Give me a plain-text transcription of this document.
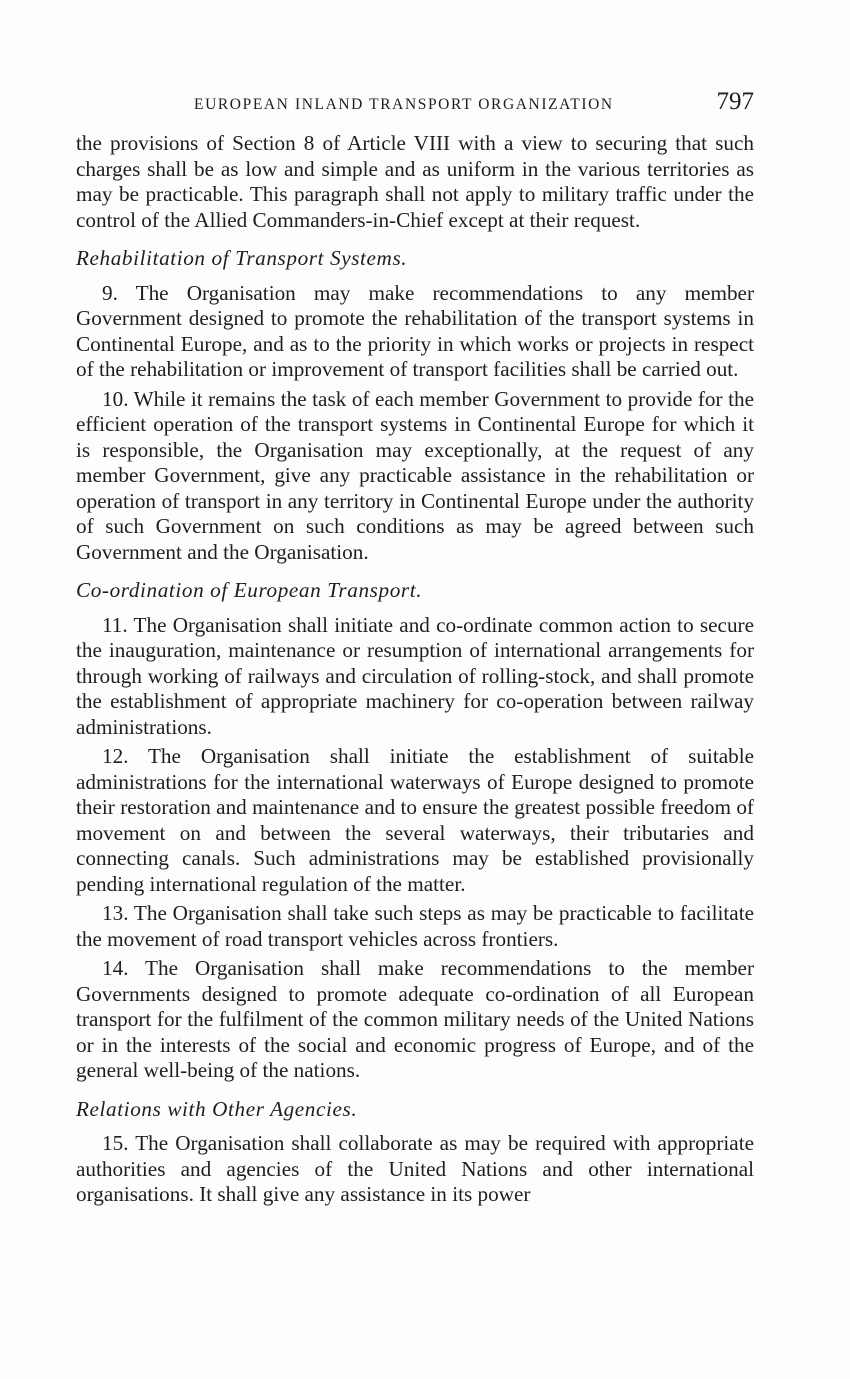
EUROPEAN INLAND TRANSPORT ORGANIZATION	797

the provisions of Section 8 of Article VIII with a view to securing that such charges shall be as low and simple and as uniform in the various territories as may be practicable. This paragraph shall not apply to military traffic under the control of the Allied Commanders-in-Chief except at their request.

Rehabilitation of Transport Systems.

9. The Organisation may make recommendations to any member Government designed to promote the rehabilitation of the transport systems in Continental Europe, and as to the priority in which works or projects in respect of the rehabilitation or improvement of transport facilities shall be carried out.

10. While it remains the task of each member Government to provide for the efficient operation of the transport systems in Continental Europe for which it is responsible, the Organisation may exceptionally, at the request of any member Government, give any practicable assistance in the rehabilitation or operation of transport in any territory in Continental Europe under the authority of such Government on such conditions as may be agreed between such Government and the Organisation.

Co-ordination of European Transport.

11. The Organisation shall initiate and co-ordinate common action to secure the inauguration, maintenance or resumption of international arrangements for through working of railways and circulation of rolling-stock, and shall promote the establishment of appropriate machinery for co-operation between railway administrations.

12. The Organisation shall initiate the establishment of suitable administrations for the international waterways of Europe designed to promote their restoration and maintenance and to ensure the greatest possible freedom of movement on and between the several waterways, their tributaries and connecting canals. Such administrations may be established provisionally pending international regulation of the matter.

13. The Organisation shall take such steps as may be practicable to facilitate the movement of road transport vehicles across frontiers.

14. The Organisation shall make recommendations to the member Governments designed to promote adequate co-ordination of all European transport for the fulfilment of the common military needs of the United Nations or in the interests of the social and economic progress of Europe, and of the general well-being of the nations.

Relations with Other Agencies.

15. The Organisation shall collaborate as may be required with appropriate authorities and agencies of the United Nations and other international organisations. It shall give any assistance in its power
